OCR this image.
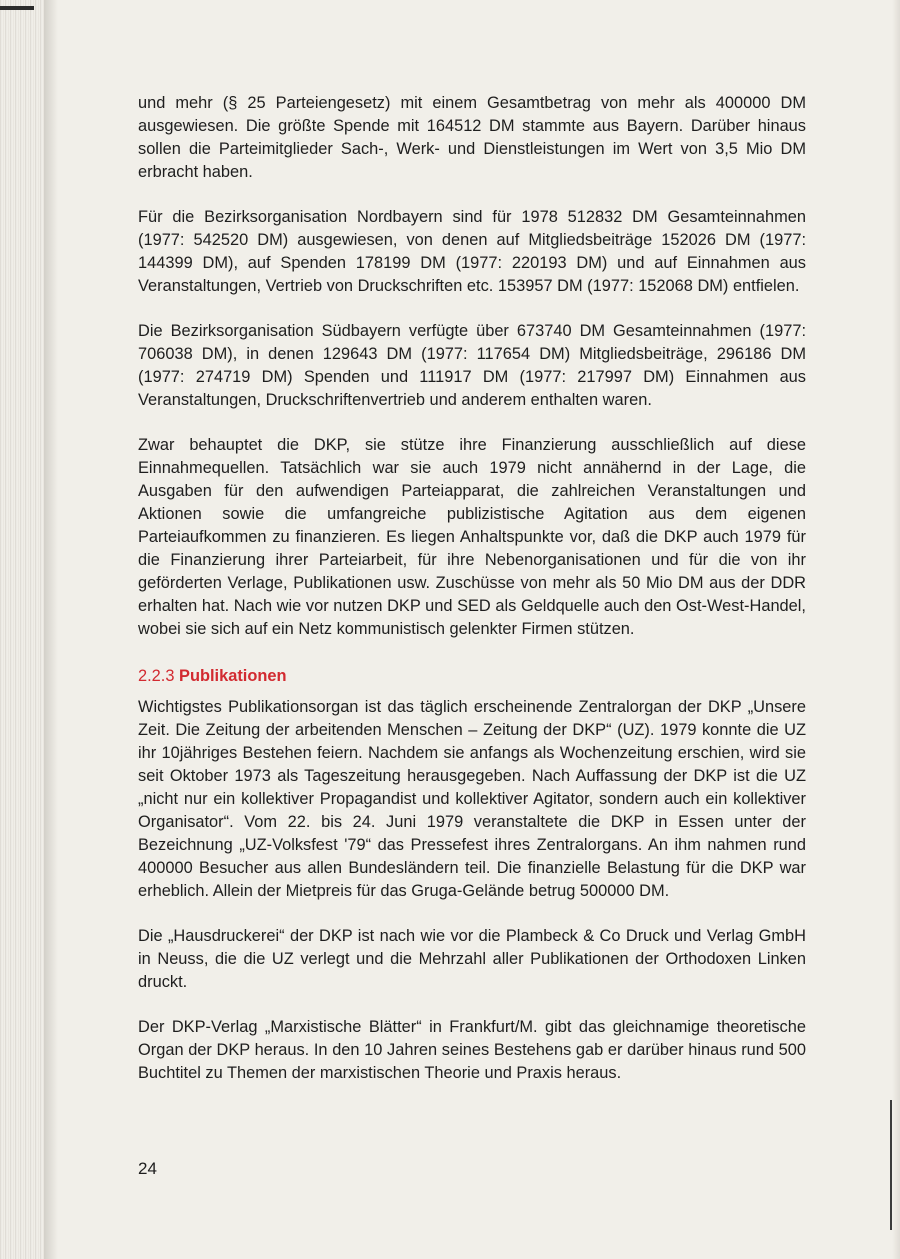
und mehr (§ 25 Parteiengesetz) mit einem Gesamtbetrag von mehr als 400000 DM ausgewiesen. Die größte Spende mit 164512 DM stammte aus Bayern. Darüber hinaus sollen die Parteimitglieder Sach-, Werk- und Dienstleistungen im Wert von 3,5 Mio DM erbracht haben.

Für die Bezirksorganisation Nordbayern sind für 1978 512832 DM Gesamteinnahmen (1977: 542520 DM) ausgewiesen, von denen auf Mitgliedsbeiträge 152026 DM (1977: 144399 DM), auf Spenden 178199 DM (1977: 220193 DM) und auf Einnahmen aus Veranstaltungen, Vertrieb von Druckschriften etc. 153957 DM (1977: 152068 DM) entfielen.

Die Bezirksorganisation Südbayern verfügte über 673740 DM Gesamteinnahmen (1977: 706038 DM), in denen 129643 DM (1977: 117654 DM) Mitgliedsbeiträge, 296186 DM (1977: 274719 DM) Spenden und 111917 DM (1977: 217997 DM) Einnahmen aus Veranstaltungen, Druckschriftenvertrieb und anderem enthalten waren.

Zwar behauptet die DKP, sie stütze ihre Finanzierung ausschließlich auf diese Einnahmequellen. Tatsächlich war sie auch 1979 nicht annähernd in der Lage, die Ausgaben für den aufwendigen Parteiapparat, die zahlreichen Veranstaltungen und Aktionen sowie die umfangreiche publizistische Agitation aus dem eigenen Parteiaufkommen zu finanzieren. Es liegen Anhaltspunkte vor, daß die DKP auch 1979 für die Finanzierung ihrer Parteiarbeit, für ihre Nebenorganisationen und für die von ihr geförderten Verlage, Publikationen usw. Zuschüsse von mehr als 50 Mio DM aus der DDR erhalten hat. Nach wie vor nutzen DKP und SED als Geldquelle auch den Ost-West-Handel, wobei sie sich auf ein Netz kommunistisch gelenkter Firmen stützen.

2.2.3 Publikationen

Wichtigstes Publikationsorgan ist das täglich erscheinende Zentralorgan der DKP „Unsere Zeit. Die Zeitung der arbeitenden Menschen – Zeitung der DKP“ (UZ). 1979 konnte die UZ ihr 10jähriges Bestehen feiern. Nachdem sie anfangs als Wochenzeitung erschien, wird sie seit Oktober 1973 als Tageszeitung herausgegeben. Nach Auffassung der DKP ist die UZ „nicht nur ein kollektiver Propagandist und kollektiver Agitator, sondern auch ein kollektiver Organisator“. Vom 22. bis 24. Juni 1979 veranstaltete die DKP in Essen unter der Bezeichnung „UZ-Volksfest '79“ das Pressefest ihres Zentralorgans. An ihm nahmen rund 400000 Besucher aus allen Bundesländern teil. Die finanzielle Belastung für die DKP war erheblich. Allein der Mietpreis für das Gruga-Gelände betrug 500000 DM.

Die „Hausdruckerei“ der DKP ist nach wie vor die Plambeck & Co Druck und Verlag GmbH in Neuss, die die UZ verlegt und die Mehrzahl aller Publikationen der Orthodoxen Linken druckt.

Der DKP-Verlag „Marxistische Blätter“ in Frankfurt/M. gibt das gleichnamige theoretische Organ der DKP heraus. In den 10 Jahren seines Bestehens gab er darüber hinaus rund 500 Buchtitel zu Themen der marxistischen Theorie und Praxis heraus.

24
